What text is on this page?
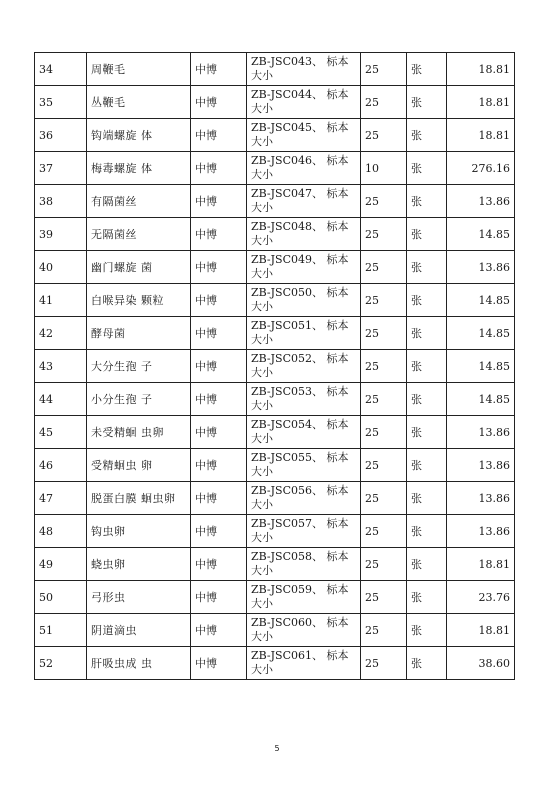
34	周鞭毛	中博	ZB-JSC043、 标本大小	25	张	18.81
35	丛鞭毛	中博	ZB-JSC044、 标本大小	25	张	18.81
36	钩端螺旋 体	中博	ZB-JSC045、 标本大小	25	张	18.81
37	梅毒螺旋 体	中博	ZB-JSC046、 标本大小	10	张	276.16
38	有隔菌丝	中博	ZB-JSC047、 标本大小	25	张	13.86
39	无隔菌丝	中博	ZB-JSC048、 标本大小	25	张	14.85
40	幽门螺旋 菌	中博	ZB-JSC049、 标本大小	25	张	13.86
41	白喉异染 颗粒	中博	ZB-JSC050、 标本大小	25	张	14.85
42	酵母菌	中博	ZB-JSC051、 标本大小	25	张	14.85
43	大分生孢 子	中博	ZB-JSC052、 标本大小	25	张	14.85
44	小分生孢 子	中博	ZB-JSC053、 标本大小	25	张	14.85
45	未受精蛔 虫卵	中博	ZB-JSC054、 标本大小	25	张	13.86
46	受精蛔虫 卵	中博	ZB-JSC055、 标本大小	25	张	13.86
47	脱蛋白膜 蛔虫卵	中博	ZB-JSC056、 标本大小	25	张	13.86
48	钩虫卵	中博	ZB-JSC057、 标本大小	25	张	13.86
49	蛲虫卵	中博	ZB-JSC058、 标本大小	25	张	18.81
50	弓形虫	中博	ZB-JSC059、 标本大小	25	张	23.76
51	阴道滴虫	中博	ZB-JSC060、 标本大小	25	张	18.81
52	肝吸虫成 虫	中博	ZB-JSC061、 标本大小	25	张	38.60
5
